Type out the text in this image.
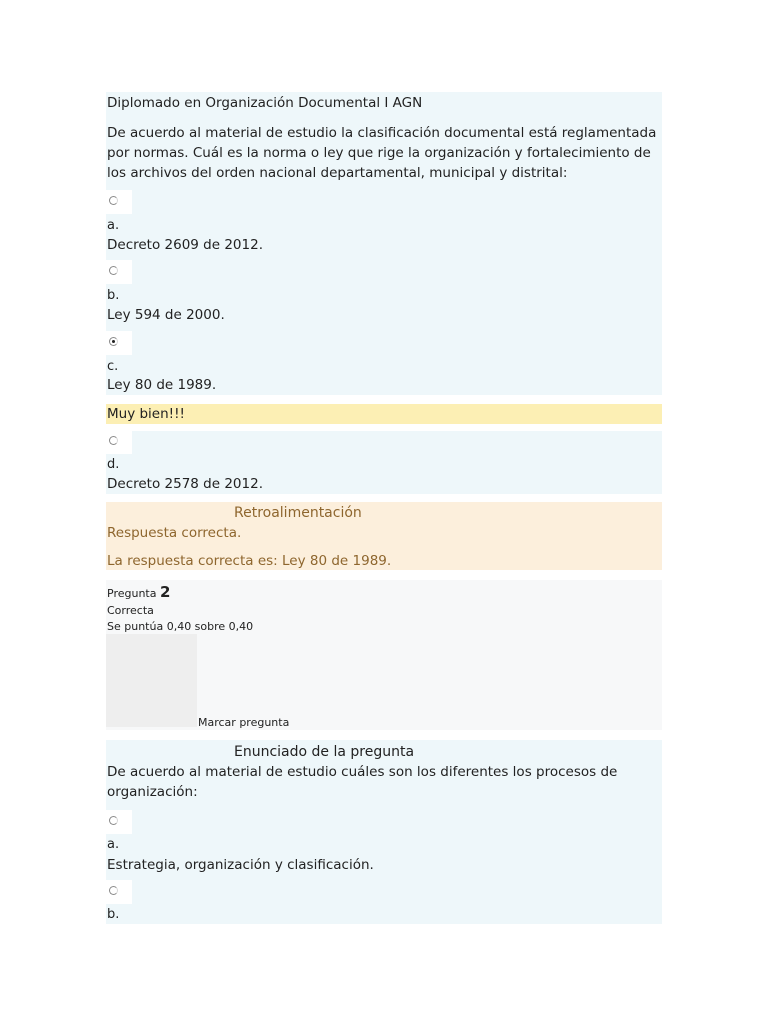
Diplomado en Organización Documental I AGN
De acuerdo al material de estudio la clasificación documental está reglamentada por normas. Cuál es la norma o ley que rige la organización y fortalecimiento de los archivos del orden nacional departamental, municipal y distrital:
a.
Decreto 2609 de 2012.
b.
Ley 594 de 2000.
c.
Ley 80 de 1989.
Muy bien!!!
d.
Decreto 2578 de 2012.
Retroalimentación
Respuesta correcta.
La respuesta correcta es: Ley 80 de 1989.
Pregunta 2
Correcta
Se puntúa 0,40 sobre 0,40
Marcar pregunta
Enunciado de la pregunta
De acuerdo al material de estudio cuáles son los diferentes los procesos de organización:
a.
Estrategia, organización y clasificación.
b.
